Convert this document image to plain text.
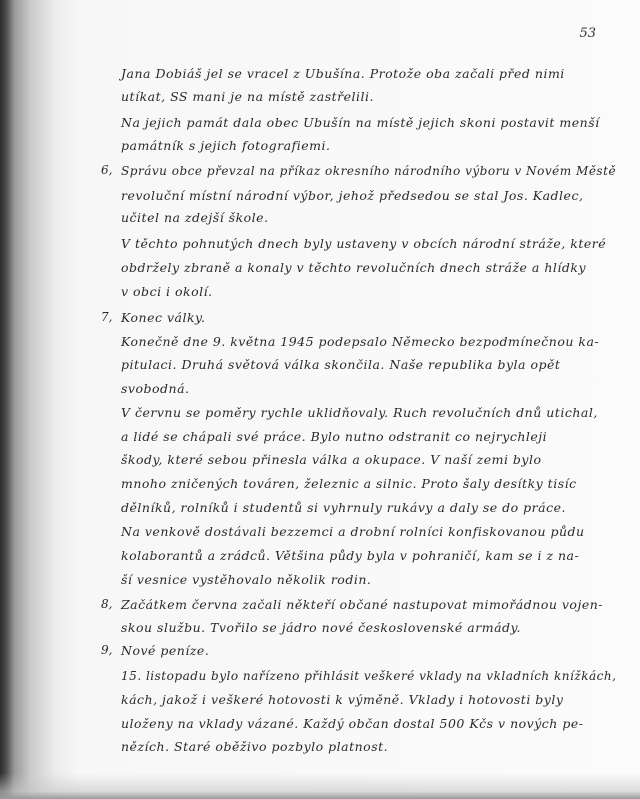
53
6,
7,
8,
9,
Jana Dobiáš jel se vracel z Ubušína. Protože oba začali před nimi
utíkat, SS mani je na místě zastřelili.
Na jejich památ dala obec Ubušín na místě jejich skoni postavit menší
památník s jejich fotografiemi.
Správu obce převzal na příkaz okresního národního výboru v Novém Městě
revoluční místní národní výbor, jehož předsedou se stal Jos. Kadlec,
učitel na zdejší škole.
V těchto pohnutých dnech byly ustaveny v obcích národní stráže, které
obdržely zbraně a konaly v těchto revolučních dnech stráže a hlídky
v obci i okolí.
Konec války.
Konečně dne 9. května 1945 podepsalo Německo bezpodmínečnou ka-
pitulaci. Druhá světová válka skončila. Naše republika byla opět
svobodná.
V červnu se poměry rychle uklidňovaly. Ruch revolučních dnů utichal,
a lidé se chápali své práce. Bylo nutno odstranit co nejrychleji
škody, které sebou přinesla válka a okupace. V naší zemi bylo
mnoho zničených továren, železnic a silnic. Proto šaly desítky tisíc
dělníků, rolníků i studentů si vyhrnuly rukávy a daly se do práce.
Na venkově dostávali bezzemci a drobní rolníci konfiskovanou půdu
kolaborantů a zrádců. Většina půdy byla v pohraničí, kam se i z na-
ší vesnice vystěhovalo několik rodin.
Začátkem června začali někteří občané nastupovat mimořádnou vojen-
skou službu. Tvořilo se jádro nové československé armády.
Nové peníze.
15. listopadu bylo nařízeno přihlásit veškeré vklady na vkladních knížkách,
kách, jakož i veškeré hotovosti k výměně. Vklady i hotovosti byly
uloženy na vklady vázané. Každý občan dostal 500 Kčs v nových pe-
nězích. Staré oběživo pozbylo platnost.
